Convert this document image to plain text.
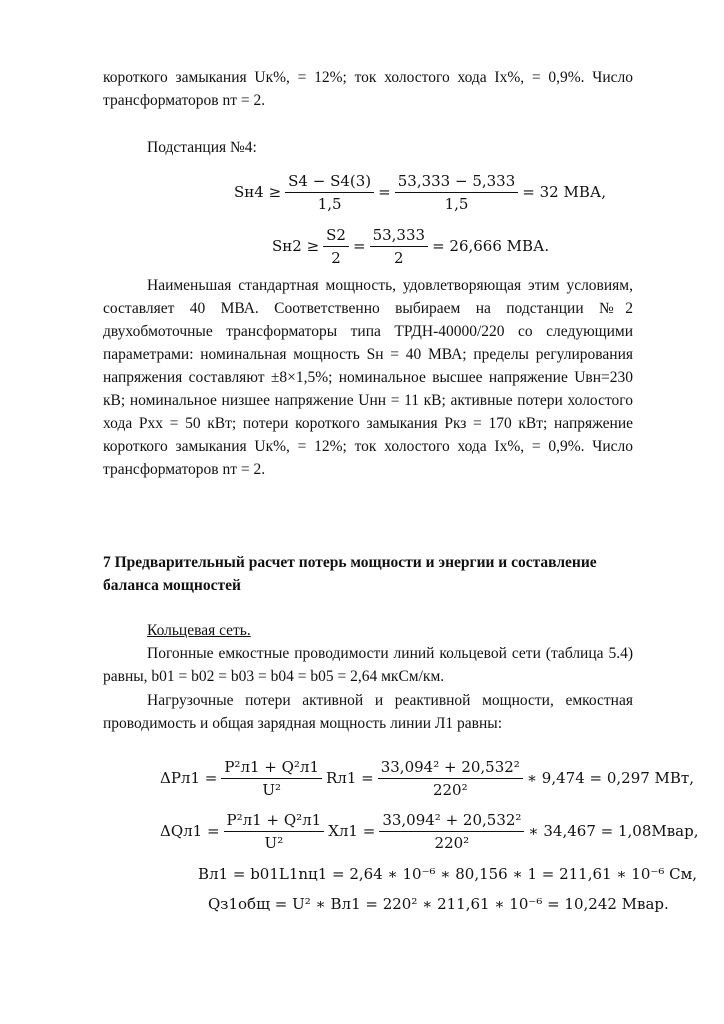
короткого замыкания Uк%, = 12%; ток холостого хода Iх%, = 0,9%. Число
трансформаторов nт = 2.
Подстанция №4:
$Sн4 \ge \frac{S4 - S4(3)}{1,5} = \frac{53,333 - 5,333}{1,5} = 32$ МВА,
$Sн2 \ge \frac{S2}{2} = \frac{53,333}{2} = 26,666$ МВА.
Наименьшая стандартная мощность, удовлетворяющая этим условиям,
составляет 40 МВА. Соответственно выбираем на подстанции №2
двухобмоточные трансформаторы типа ТРДН-40000/220 со следующими
параметрами: номинальная мощность Sн = 40 МВА; пределы регулирования
напряжения составляют ±8×1,5%; номинальное высшее напряжение Uвн=230
кВ; номинальное низшее напряжение Uнн = 11 кВ; активные потери холостого
хода Pхх = 50 кВт; потери короткого замыкания Pкз = 170 кВт; напряжение
короткого замыкания Uк%, = 12%; ток холостого хода Iх%, = 0,9%. Число
трансформаторов nт = 2.
7 Предварительный расчет потерь мощности и энергии и составление
баланса мощностей
Кольцевая сеть.
Погонные емкостные проводимости линий кольцевой сети (таблица 5.4)
равны, b01 = b02 = b03 = b04 = b05 = 2,64 мкСм/км.
Нагрузочные потери активной и реактивной мощности, емкостная
проводимость и общая зарядная мощность линии Л1 равны:
$\Delta Pл1 = \frac{\text{P²л1 + Q²л1}}{\text{U²}} Rл1 = \frac{\text{33,094² + 20,532²}}{\text{220²}}$ ∗ 9,474 = 0,297 МВт,
$\Delta Qл1 = \frac{\text{P²л1 + Q²л1}}{\text{U²}} Xл1 = \frac{\text{33,094² + 20,532²}}{\text{220²}}$ ∗ 34,467 = 1,08Мвар,
Bл1 = b01L1nц1 = 2,64 ∗ 10⁻⁶ ∗ 80,156 ∗ 1 = 211,61 ∗ 10⁻⁶ См,
Qз1общ = U² ∗ Bл1 = 220² ∗ 211,61 ∗ 10⁻⁶ = 10,242 Мвар.
